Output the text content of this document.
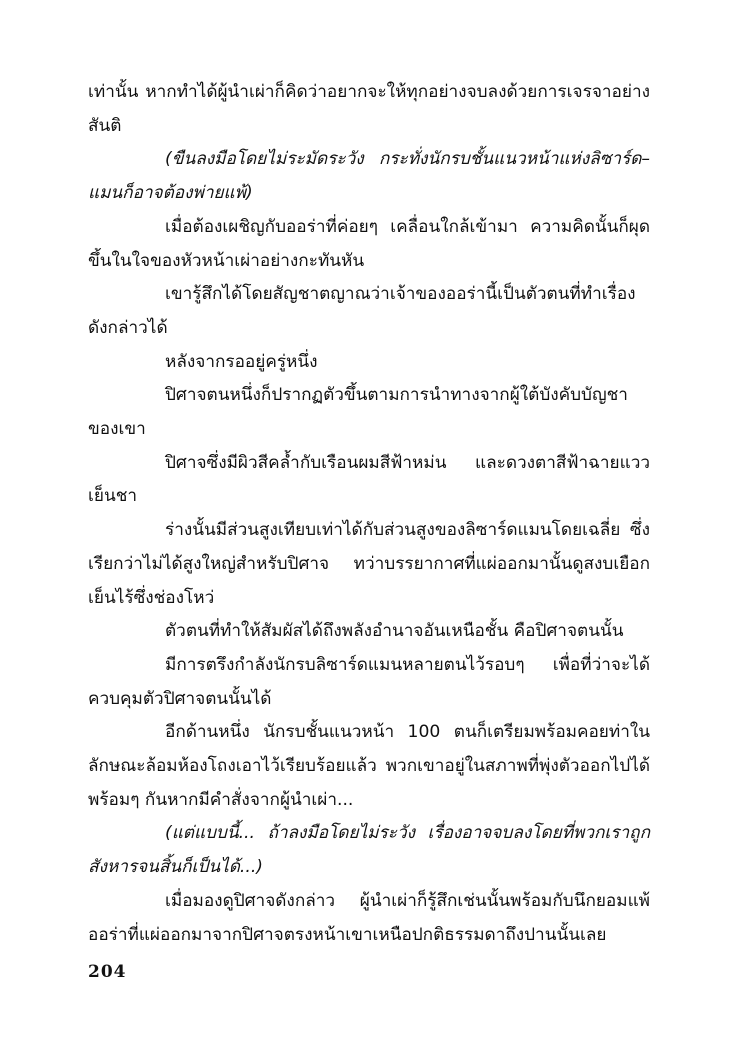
เท่านั้น หากทำได้ผู้นำเผ่าก็คิดว่าอยากจะให้ทุกอย่างจบลงด้วยการเจรจาอย่างสันติ

(ขืนลงมือโดยไม่ระมัดระวัง กระทั่งนักรบชั้นแนวหน้าแห่งลิซาร์ด–แมนก็อาจต้องพ่ายแพ้)

เมื่อต้องเผชิญกับออร่าที่ค่อยๆ เคลื่อนใกล้เข้ามา ความคิดนั้นก็ผุดขึ้นในใจของหัวหน้าเผ่าอย่างกะทันหัน

เขารู้สึกได้โดยสัญชาตญาณว่าเจ้าของออร่านี้เป็นตัวตนที่ทำเรื่องดังกล่าวได้

หลังจากรออยู่ครู่หนึ่ง

ปิศาจตนหนึ่งก็ปรากฏตัวขึ้นตามการนำทางจากผู้ใต้บังคับบัญชาของเขา

ปิศาจซึ่งมีผิวสีคล้ำกับเรือนผมสีฟ้าหม่น และดวงตาสีฟ้าฉายแววเย็นชา

ร่างนั้นมีส่วนสูงเทียบเท่าได้กับส่วนสูงของลิซาร์ดแมนโดยเฉลี่ย ซึ่งเรียกว่าไม่ได้สูงใหญ่สำหรับปิศาจ ทว่าบรรยากาศที่แผ่ออกมานั้นดูสงบเยือกเย็นไร้ซึ่งช่องโหว่

ตัวตนที่ทำให้สัมผัสได้ถึงพลังอำนาจอันเหนือชั้น คือปิศาจตนนั้น

มีการตรึงกำลังนักรบลิซาร์ดแมนหลายตนไว้รอบๆ เพื่อที่ว่าจะได้ควบคุมตัวปิศาจตนนั้นได้

อีกด้านหนึ่ง นักรบชั้นแนวหน้า 100 ตนก็เตรียมพร้อมคอยท่าในลักษณะล้อมห้องโถงเอาไว้เรียบร้อยแล้ว พวกเขาอยู่ในสภาพที่พุ่งตัวออกไปได้พร้อมๆ กันหากมีคำสั่งจากผู้นำเผ่า...

(แต่แบบนี้... ถ้าลงมือโดยไม่ระวัง เรื่องอาจจบลงโดยที่พวกเราถูกสังหารจนสิ้นก็เป็นได้...)

เมื่อมองดูปิศาจดังกล่าว ผู้นำเผ่าก็รู้สึกเช่นนั้นพร้อมกับนึกยอมแพ้ออร่าที่แผ่ออกมาจากปิศาจตรงหน้าเขาเหนือปกติธรรมดาถึงปานนั้นเลย

204
